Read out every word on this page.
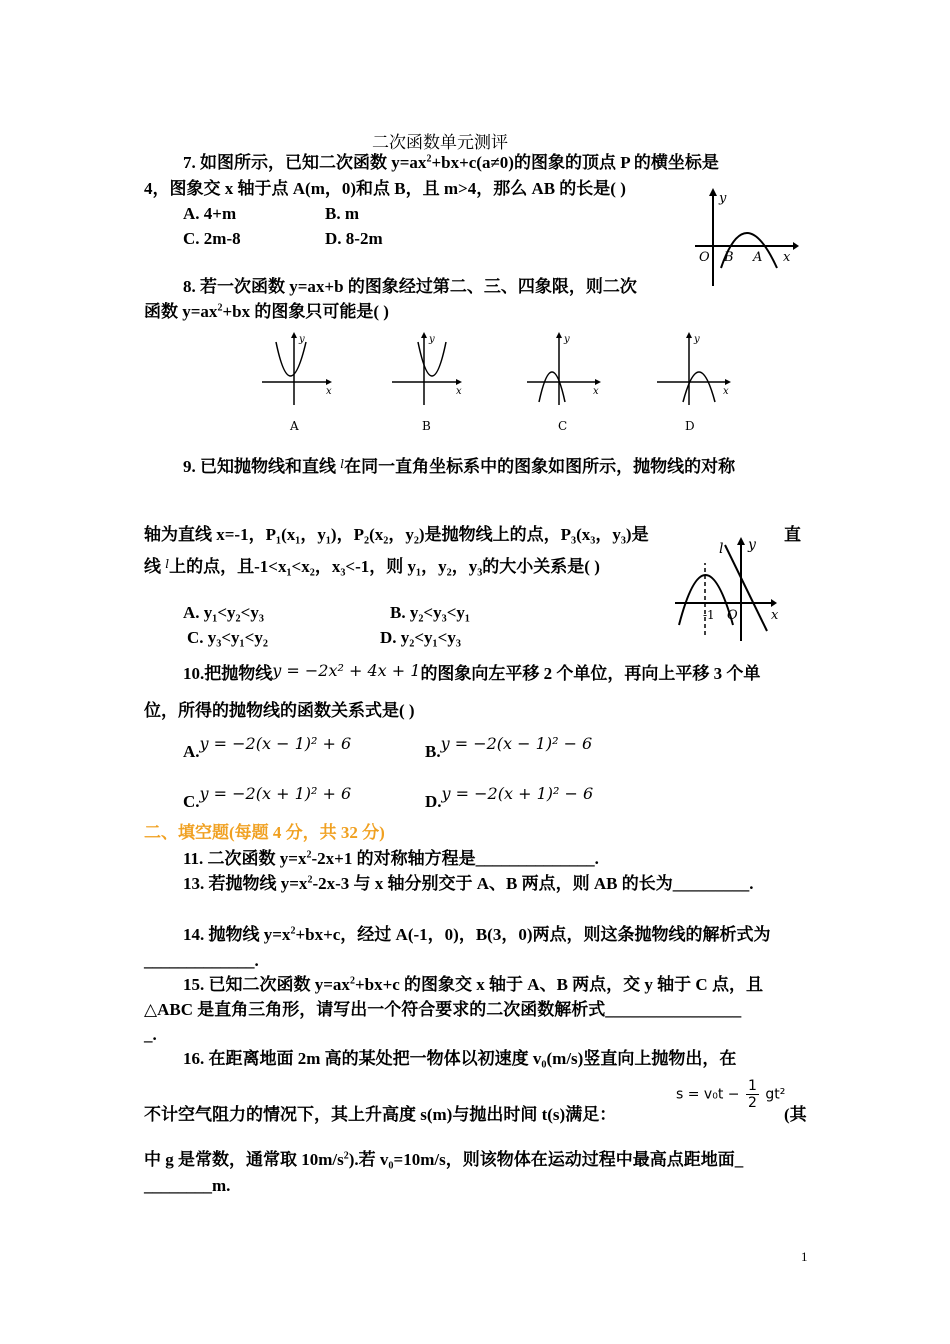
二次函数单元测评
7. 如图所示，已知二次函数 $y=ax^2+bx+c(a\ne 0)$的图象的顶点 P 的横坐标是
4，图象交 x 轴于点 A(m，0)和点 B，且 m>4，那么 AB 的长是( )
A. 4+m	B. m
C. 2m-8	D. 8-2m
y
O B A x
8. 若一次函数 y=ax+b 的图象经过第二、三、四象限，则二次
函数 $y=ax^2+bx$ 的图象只可能是( )
y
x
A
y
x
B
y
x
C
y
x
D
9. 已知抛物线和直线 $^l$在同一直角坐标系中的图象如图所示，抛物线的对称
轴为直线 x=-1，P₁(x₁，y₁)，P₂(x₂，y₂)是抛物线上的点，P₃(x₃，y₃)是	直
线 $^l$上的点，且-1<x₁<x₂，x₃<-1，则 y₁，y₂，y₃的大小关系是( )
A. y₁<y₂<y₃	B. y₂<y₃<y₁
C. y₃<y₁<y₂	D. y₂<y₁<y₃
l y
-1 O	x
10.把抛物线y = −2x² + 4x + 1的图象向左平移 2 个单位，再向上平移 3 个单
位，所得的抛物线的函数关系式是( )
A.y = −2(x − 1)² + 6	B.y = −2(x − 1)² − 6
C.y = −2(x + 1)² + 6	D.y = −2(x + 1)² − 6
二、填空题(每题 4 分，共 32 分)
11. 二次函数 $y=x^2-2x+1$ 的对称轴方程是______________.
13. 若抛物线 $y=x^2-2x-3$ 与 x 轴分别交于 A、B 两点，则 AB 的长为_________.
14. 抛物线 $y=x^2+bx+c$，经过 A(-1，0)，B(3，0)两点，则这条抛物线的解析式为
_____________.
15. 已知二次函数 $y=ax^2+bx+c$ 的图象交 x 轴于 A、B 两点，交 y 轴于 C 点，且
△ABC 是直角三角形，请写出一个符合要求的二次函数解析式________________
_.
16. 在距离地面 2m 高的某处把一物体以初速度 v₀(m/s)竖直向上抛物出，在
不计空气阻力的情况下，其上升高度 s(m)与抛出时间 t(s)满足：
$s = v_0t - \frac{1}{2} gt^2$
(其
中 g 是常数，通常取 $10m/s^2$).若 v₀=10m/s，则该物体在运动过程中最高点距地面_
________m.
1
